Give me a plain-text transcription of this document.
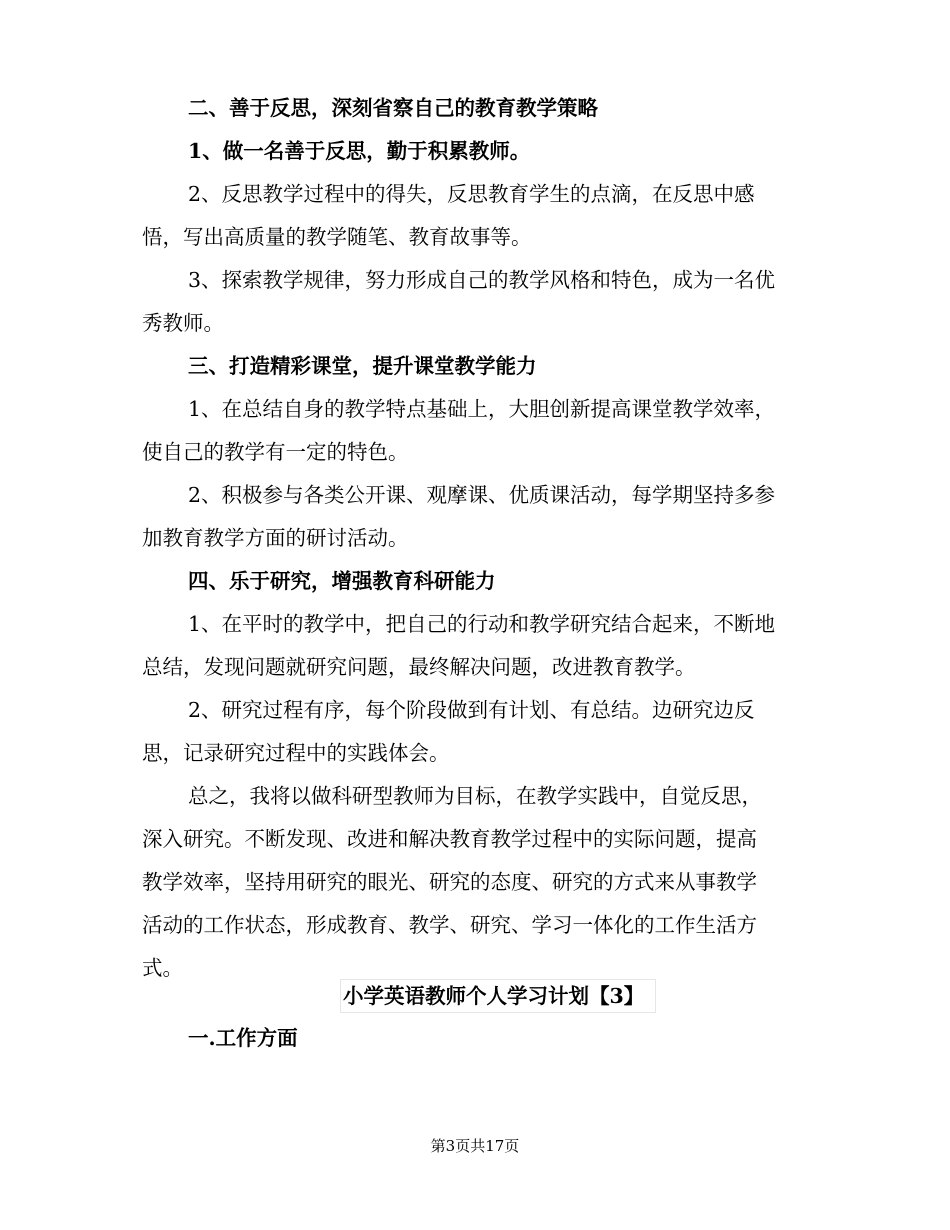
二、善于反思，深刻省察自己的教育教学策略
1、做一名善于反思，勤于积累教师。
2、反思教学过程中的得失，反思教育学生的点滴，在反思中感
悟，写出高质量的教学随笔、教育故事等。
3、探索教学规律，努力形成自己的教学风格和特色，成为一名优
秀教师。
三、打造精彩课堂，提升课堂教学能力
1、在总结自身的教学特点基础上，大胆创新提高课堂教学效率，
使自己的教学有一定的特色。
2、积极参与各类公开课、观摩课、优质课活动，每学期坚持多参
加教育教学方面的研讨活动。
四、乐于研究，增强教育科研能力
1、在平时的教学中，把自己的行动和教学研究结合起来，不断地
总结，发现问题就研究问题，最终解决问题，改进教育教学。
2、研究过程有序，每个阶段做到有计划、有总结。边研究边反
思，记录研究过程中的实践体会。
总之，我将以做科研型教师为目标，在教学实践中，自觉反思，
深入研究。不断发现、改进和解决教育教学过程中的实际问题，提高
教学效率，坚持用研究的眼光、研究的态度、研究的方式来从事教学
活动的工作状态，形成教育、教学、研究、学习一体化的工作生活方
式。
小学英语教师个人学习计划【3】
一.工作方面
第3页共17页
